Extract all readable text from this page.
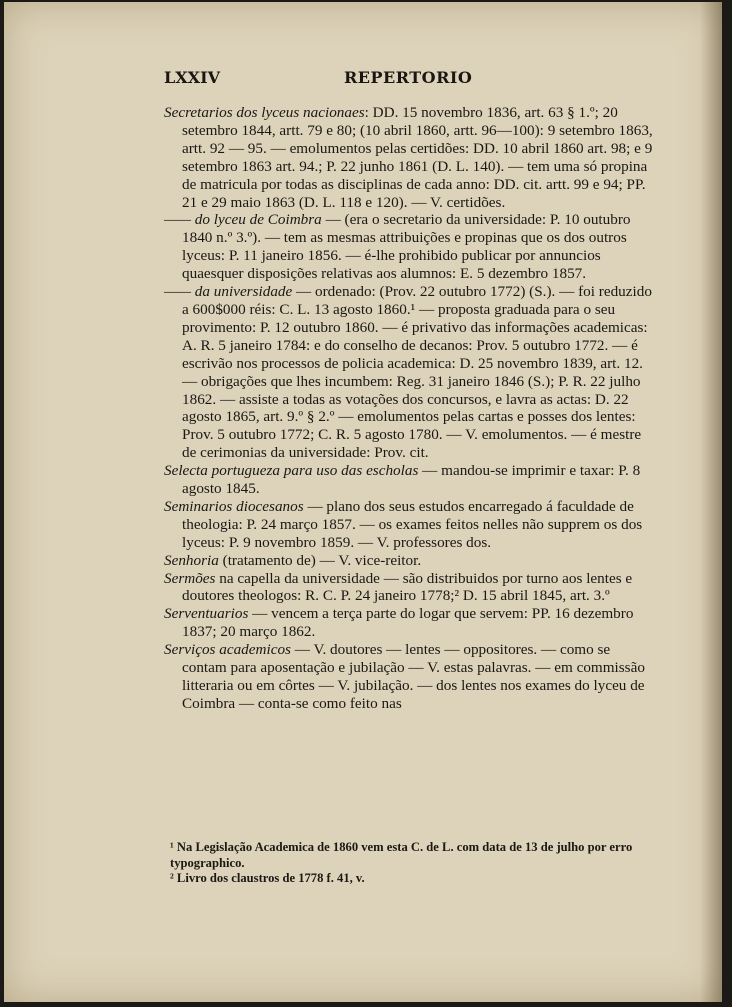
LXXIV	REPERTORIO

Secretarios dos lyceus nacionaes: DD. 15 novembro 1836, art. 63 § 1.º; 20 setembro 1844, artt. 79 e 80; (10 abril 1860, artt. 96—100): 9 setembro 1863, artt. 92 — 95. — emolumentos pelas certidões: DD. 10 abril 1860 art. 98; e 9 setembro 1863 art. 94.; P. 22 junho 1861 (D. L. 140). — tem uma só propina de matricula por todas as disciplinas de cada anno: DD. cit. artt. 99 e 94; PP. 21 e 29 maio 1863 (D. L. 118 e 120). — V. certidões.

—— do lyceu de Coimbra — (era o secretario da universidade: P. 10 outubro 1840 n.º 3.º). — tem as mesmas attribuições e propinas que os dos outros lyceus: P. 11 janeiro 1856. — é-lhe prohibido publicar por annuncios quaesquer disposições relativas aos alumnos: E. 5 dezembro 1857.

—— da universidade — ordenado: (Prov. 22 outubro 1772) (S.). — foi reduzido a 600$000 réis: C. L. 13 agosto 1860.¹ — proposta graduada para o seu provimento: P. 12 outubro 1860. — é privativo das informações academicas: A. R. 5 janeiro 1784: e do conselho de decanos: Prov. 5 outubro 1772. — é escrivão nos processos de policia academica: D. 25 novembro 1839, art. 12. — obrigações que lhes incumbem: Reg. 31 janeiro 1846 (S.); P. R. 22 julho 1862. — assiste a todas as votações dos concursos, e lavra as actas: D. 22 agosto 1865, art. 9.º § 2.º — emolumentos pelas cartas e posses dos lentes: Prov. 5 outubro 1772; C. R. 5 agosto 1780. — V. emolumentos. — é mestre de cerimonias da universidade: Prov. cit.

Selecta portugueza para uso das escholas — mandou-se imprimir e taxar: P. 8 agosto 1845.

Seminarios diocesanos — plano dos seus estudos encarregado á faculdade de theologia: P. 24 março 1857. — os exames feitos nelles não supprem os dos lyceus: P. 9 novembro 1859. — V. professores dos.

Senhoria (tratamento de) — V. vice-reitor.

Sermões na capella da universidade — são distribuidos por turno aos lentes e doutores theologos: R. C. P. 24 janeiro 1778;² D. 15 abril 1845, art. 3.º

Serventuarios — vencem a terça parte do logar que servem: PP. 16 dezembro 1837; 20 março 1862.

Serviços academicos — V. doutores — lentes — oppositores. — como se contam para aposentação e jubilação — V. estas palavras. — em commissão litteraria ou em côrtes — V. jubilação. — dos lentes nos exames do lyceu de Coimbra — conta-se como feito nas

¹ Na Legislação Academica de 1860 vem esta C. de L. com data de 13 de julho por erro typographico.

² Livro dos claustros de 1778 f. 41, v.
